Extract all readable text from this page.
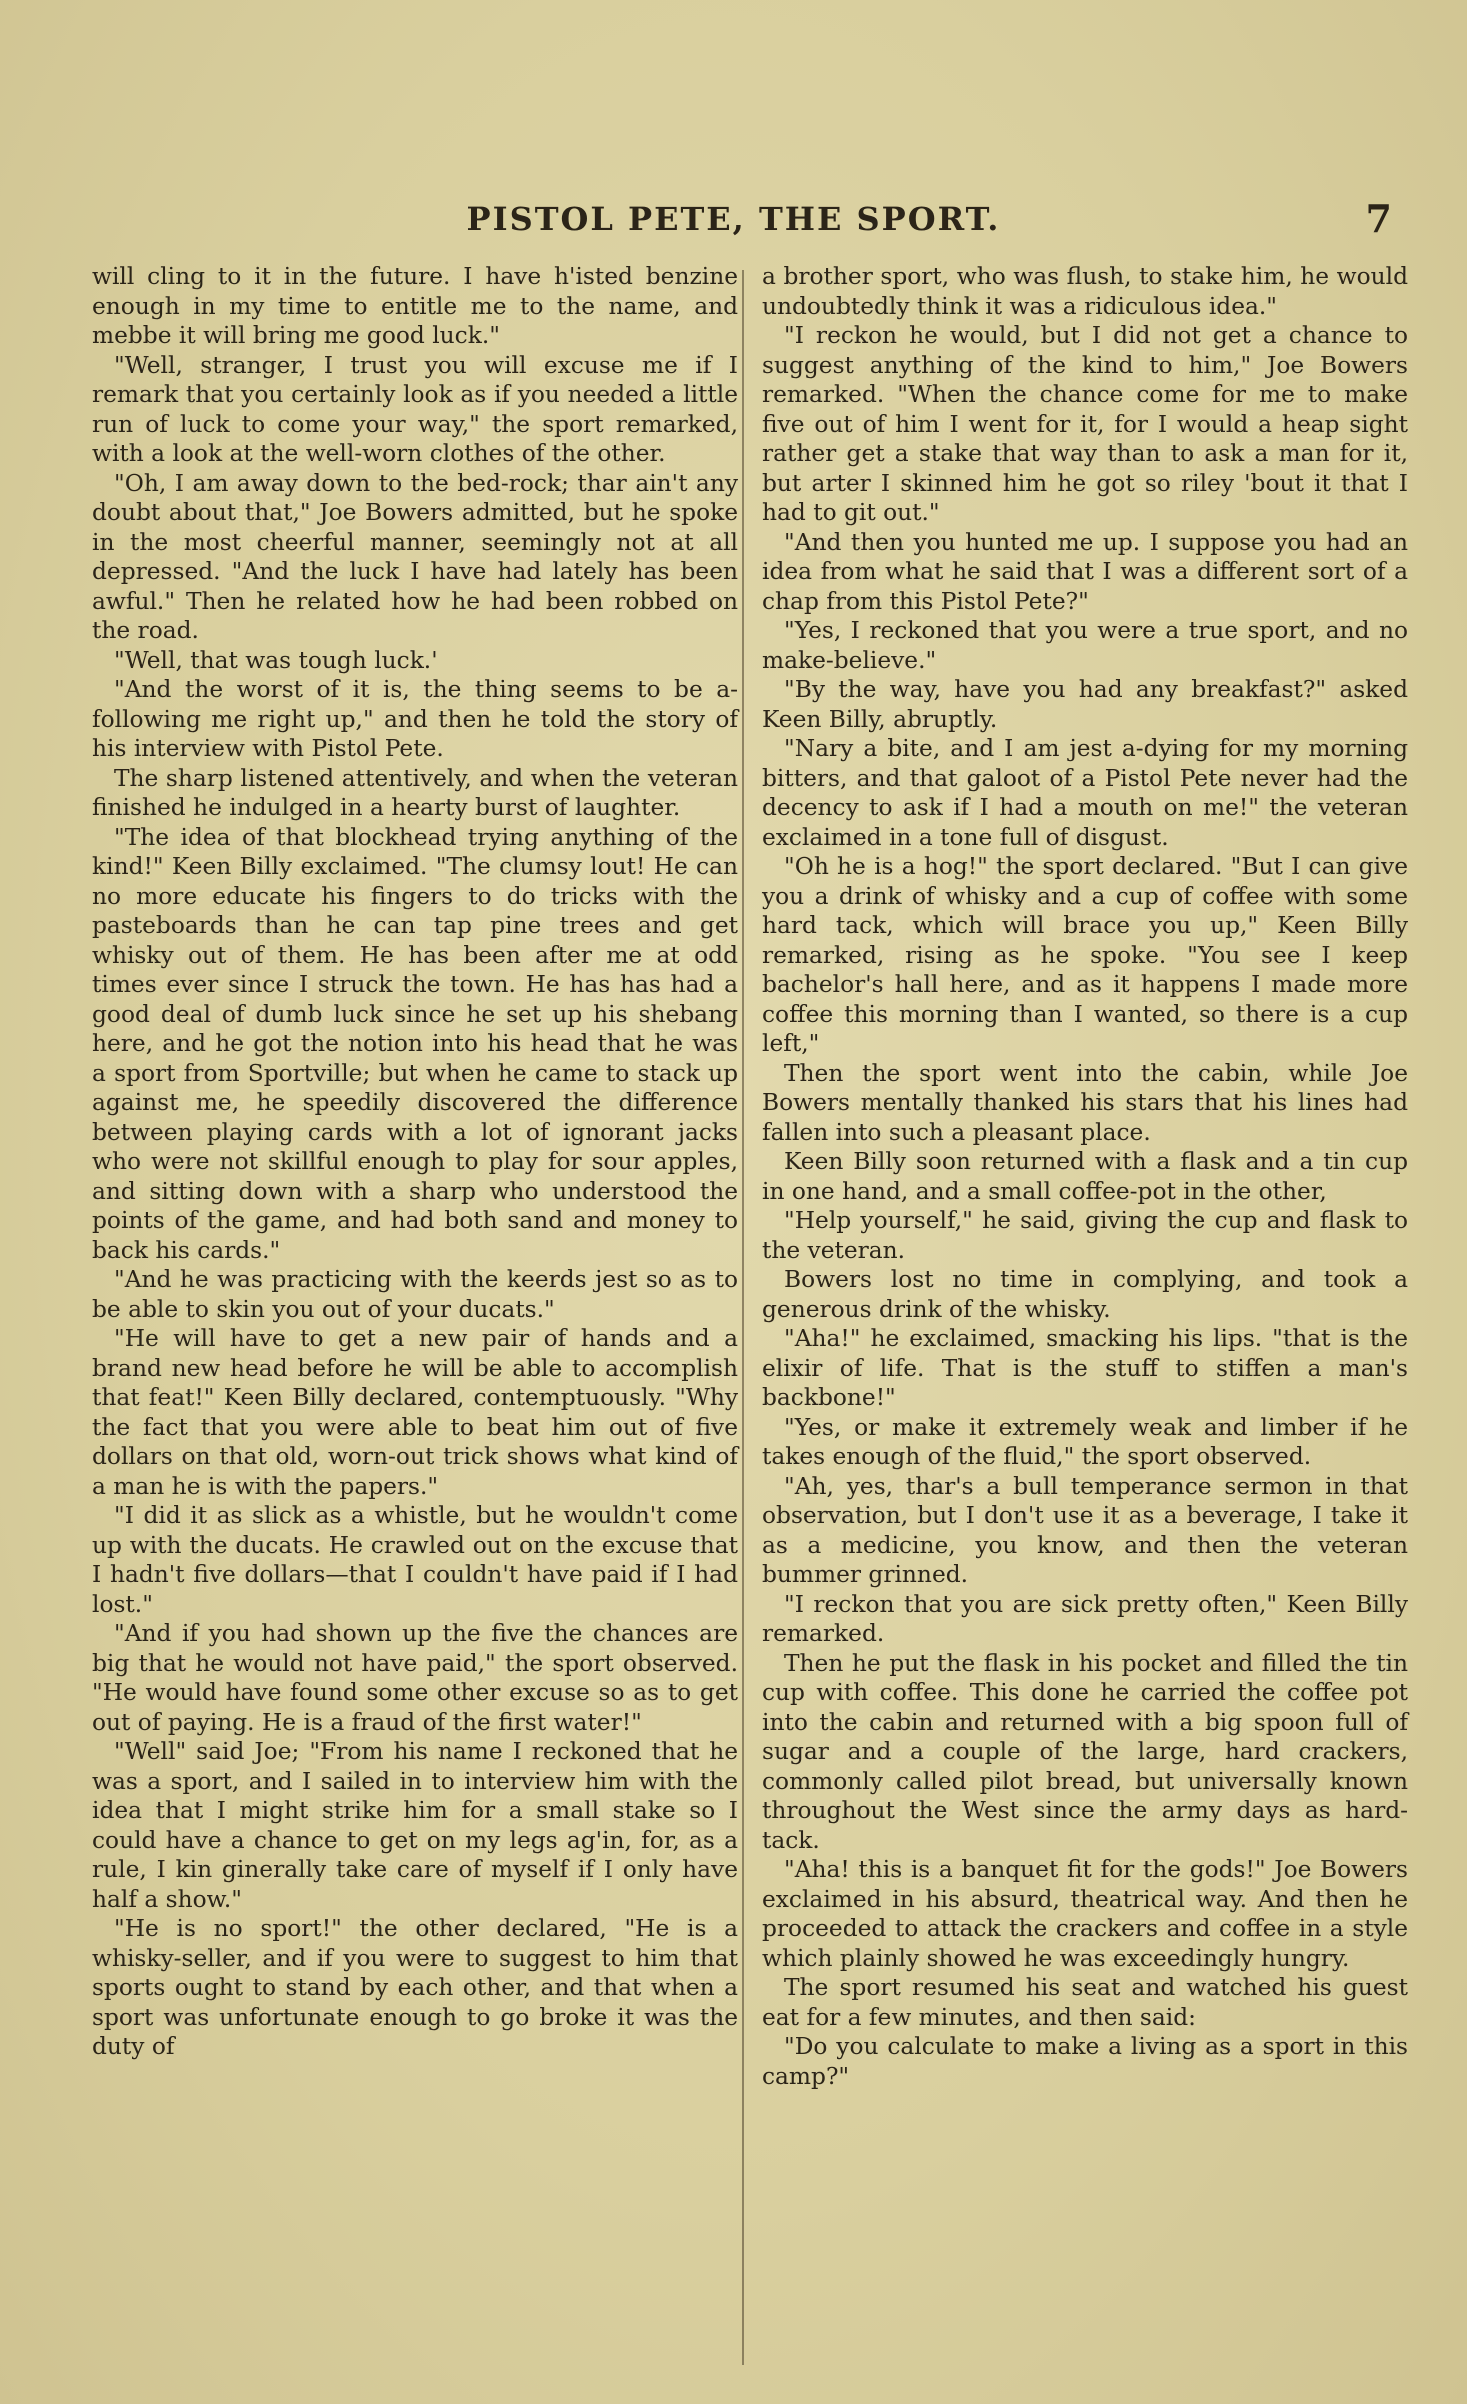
PISTOL PETE, THE SPORT.	7

will cling to it in the future. I have h'isted benzine enough in my time to entitle me to the name, and mebbe it will bring me good luck."

"Well, stranger, I trust you will excuse me if I remark that you certainly look as if you needed a little run of luck to come your way," the sport remarked, with a look at the well-worn clothes of the other.

"Oh, I am away down to the bed-rock; thar ain't any doubt about that," Joe Bowers admitted, but he spoke in the most cheerful manner, seemingly not at all depressed. "And the luck I have had lately has been awful." Then he related how he had been robbed on the road.

"Well, that was tough luck.'

"And the worst of it is, the thing seems to be a-following me right up," and then he told the story of his interview with Pistol Pete.

The sharp listened attentively, and when the veteran finished he indulged in a hearty burst of laughter.

"The idea of that blockhead trying anything of the kind!" Keen Billy exclaimed. "The clumsy lout! He can no more educate his fingers to do tricks with the pasteboards than he can tap pine trees and get whisky out of them. He has been after me at odd times ever since I struck the town. He has has had a good deal of dumb luck since he set up his shebang here, and he got the notion into his head that he was a sport from Sportville; but when he came to stack up against me, he speedily discovered the difference between playing cards with a lot of ignorant jacks who were not skillful enough to play for sour apples, and sitting down with a sharp who understood the points of the game, and had both sand and money to back his cards."

"And he was practicing with the keerds jest so as to be able to skin you out of your ducats."

"He will have to get a new pair of hands and a brand new head before he will be able to accomplish that feat!" Keen Billy declared, contemptuously. "Why the fact that you were able to beat him out of five dollars on that old, worn-out trick shows what kind of a man he is with the papers."

"I did it as slick as a whistle, but he wouldn't come up with the ducats. He crawled out on the excuse that I hadn't five dollars—that I couldn't have paid if I had lost."

"And if you had shown up the five the chances are big that he would not have paid," the sport observed. "He would have found some other excuse so as to get out of paying. He is a fraud of the first water!"

"Well" said Joe; "From his name I reckoned that he was a sport, and I sailed in to interview him with the idea that I might strike him for a small stake so I could have a chance to get on my legs ag'in, for, as a rule, I kin ginerally take care of myself if I only have half a show."

"He is no sport!" the other declared, "He is a whisky-seller, and if you were to suggest to him that sports ought to stand by each other, and that when a sport was unfortunate enough to go broke it was the duty of

a brother sport, who was flush, to stake him, he would undoubtedly think it was a ridiculous idea."

"I reckon he would, but I did not get a chance to suggest anything of the kind to him," Joe Bowers remarked. "When the chance come for me to make five out of him I went for it, for I would a heap sight rather get a stake that way than to ask a man for it, but arter I skinned him he got so riley 'bout it that I had to git out."

"And then you hunted me up. I suppose you had an idea from what he said that I was a different sort of a chap from this Pistol Pete?"

"Yes, I reckoned that you were a true sport, and no make-believe."

"By the way, have you had any breakfast?" asked Keen Billy, abruptly.

"Nary a bite, and I am jest a-dying for my morning bitters, and that galoot of a Pistol Pete never had the decency to ask if I had a mouth on me!" the veteran exclaimed in a tone full of disgust.

"Oh he is a hog!" the sport declared. "But I can give you a drink of whisky and a cup of coffee with some hard tack, which will brace you up," Keen Billy remarked, rising as he spoke. "You see I keep bachelor's hall here, and as it happens I made more coffee this morning than I wanted, so there is a cup left,"

Then the sport went into the cabin, while Joe Bowers mentally thanked his stars that his lines had fallen into such a pleasant place.

Keen Billy soon returned with a flask and a tin cup in one hand, and a small coffee-pot in the other,

"Help yourself," he said, giving the cup and flask to the veteran.

Bowers lost no time in complying, and took a generous drink of the whisky.

"Aha!" he exclaimed, smacking his lips. "that is the elixir of life. That is the stuff to stiffen a man's backbone!"

"Yes, or make it extremely weak and limber if he takes enough of the fluid," the sport observed.

"Ah, yes, thar's a bull temperance sermon in that observation, but I don't use it as a beverage, I take it as a medicine, you know, and then the veteran bummer grinned.

"I reckon that you are sick pretty often," Keen Billy remarked.

Then he put the flask in his pocket and filled the tin cup with coffee. This done he carried the coffee pot into the cabin and returned with a big spoon full of sugar and a couple of the large, hard crackers, commonly called pilot bread, but universally known throughout the West since the army days as hard-tack.

"Aha! this is a banquet fit for the gods!" Joe Bowers exclaimed in his absurd, theatrical way. And then he proceeded to attack the crackers and coffee in a style which plainly showed he was exceedingly hungry.

The sport resumed his seat and watched his guest eat for a few minutes, and then said:

"Do you calculate to make a living as a sport in this camp?"
